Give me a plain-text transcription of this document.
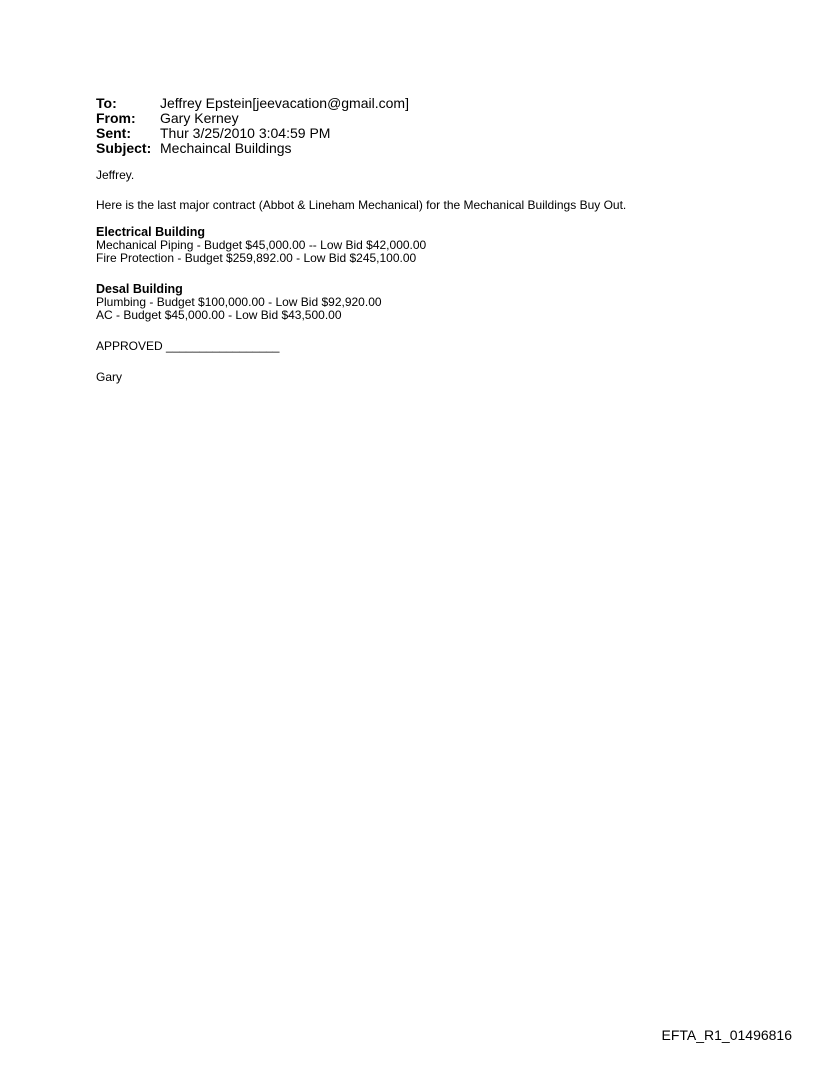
To:	Jeffrey Epstein[jeevacation@gmail.com]
From:	Gary Kerney
Sent:	Thur 3/25/2010 3:04:59 PM
Subject:	Mechaincal Buildings
Jeffrey.
Here is the last major contract (Abbot & Lineham Mechanical) for the Mechanical Buildings Buy Out.
Electrical Building
Mechanical Piping - Budget $45,000.00 -- Low Bid $42,000.00
Fire Protection - Budget $259,892.00 - Low Bid $245,100.00
Desal Building
Plumbing - Budget $100,000.00 - Low Bid $92,920.00
AC - Budget $45,000.00 - Low Bid $43,500.00
APPROVED _________________
Gary
EFTA_R1_01496816
